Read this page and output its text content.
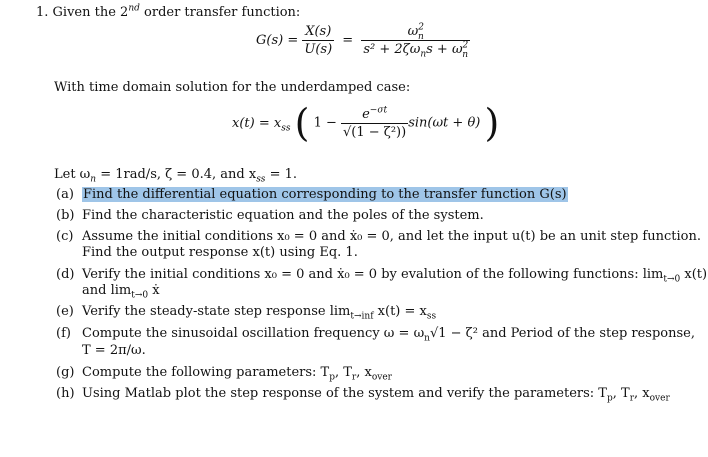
1. Given the 2nd order transfer function:
$G(s) = \frac{X(s)}{U(s)} = \frac{\omega^2_n}{s^2 + 2\zeta\omega_ns + \omega^2_n}$
With time domain solution for the underdamped case:
$x(t) = x_{ss}$ ( $1 - \frac{e^{-\sigma t}}{\text{√(1 − ζ²))}} \sin(\omega t + \theta)$ )
Let $\omega_n = 1rad/s$, ζ = 0.4, and $x_{ss} = 1$.
(a) Find the differential equation corresponding to the transfer function G(s)
(b) Find the characteristic equation and the poles of the system.
(c) Assume the initial conditions x₀ = 0 and ẋ₀ = 0, and let the input u(t) be an unit step function.
Find the output response x(t) using Eq. 1.
(d) Verify the initial conditions x₀ = 0 and ẋ₀ = 0 by evalution of the following functions: $\lim_{t\to 0} x(t)$
and $\lim_{t\to 0}$ ẋ
(e) Verify the steady-state step response $\lim_{t\to inf} x(t) = x_{ss}$
(f) Compute the sinusoidal oscillation frequency $\omega = \omega_n√1 - \zeta^2$ and Period of the step response,
T = 2π/ω.
(g) Compute the following parameters: $T_p$, $T_r$, $x_{over}$
(h) Using Matlab plot the step response of the system and verify the parameters: $T_p$, $T_r$, $x_{over}$
